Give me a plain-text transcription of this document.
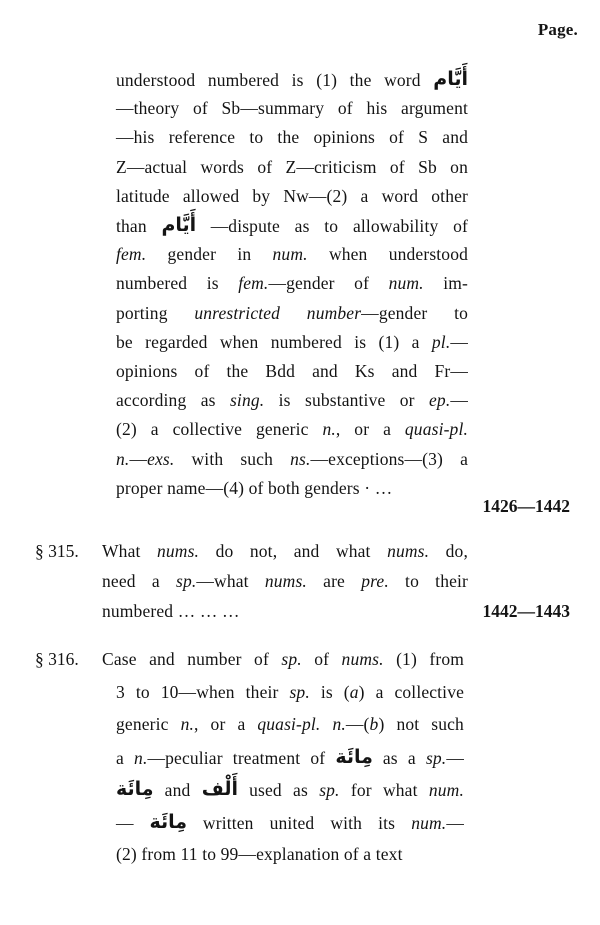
Page.
1426—1442
§ 315.
1442—1443
§ 316.
understood numbered is (1) the word أَيَّام
—theory of Sb—summary of his argument
—his reference to the opinions of S and
Z—actual words of Z—criticism of Sb on
latitude allowed by Nw—(2) a word other
than أَيَّام —dispute as to allowability of
fem. gender in num. when understood
numbered is fem.—gender of num. im-
porting unrestricted number—gender to
be regarded when numbered is (1) a pl.—
opinions of the Bdd and Ks and Fr—
according as sing. is substantive or ep.—
(2) a collective generic n., or a quasi-pl.
n.—exs. with such ns.—exceptions—(3) a
proper name—(4) of both genders · …
What nums. do not, and what nums. do,
need a sp.—what nums. are pre. to their
numbered … … …
Case and number of sp. of nums. (1) from
3 to 10—when their sp. is (a) a collective
generic n., or a quasi-pl. n.—(b) not such
a n.—peculiar treatment of مِائَة as a sp.—
مِائَة and أَلْف used as sp. for what num.
— مِائَة written united with its num.—
(2) from 11 to 99—explanation of a text
